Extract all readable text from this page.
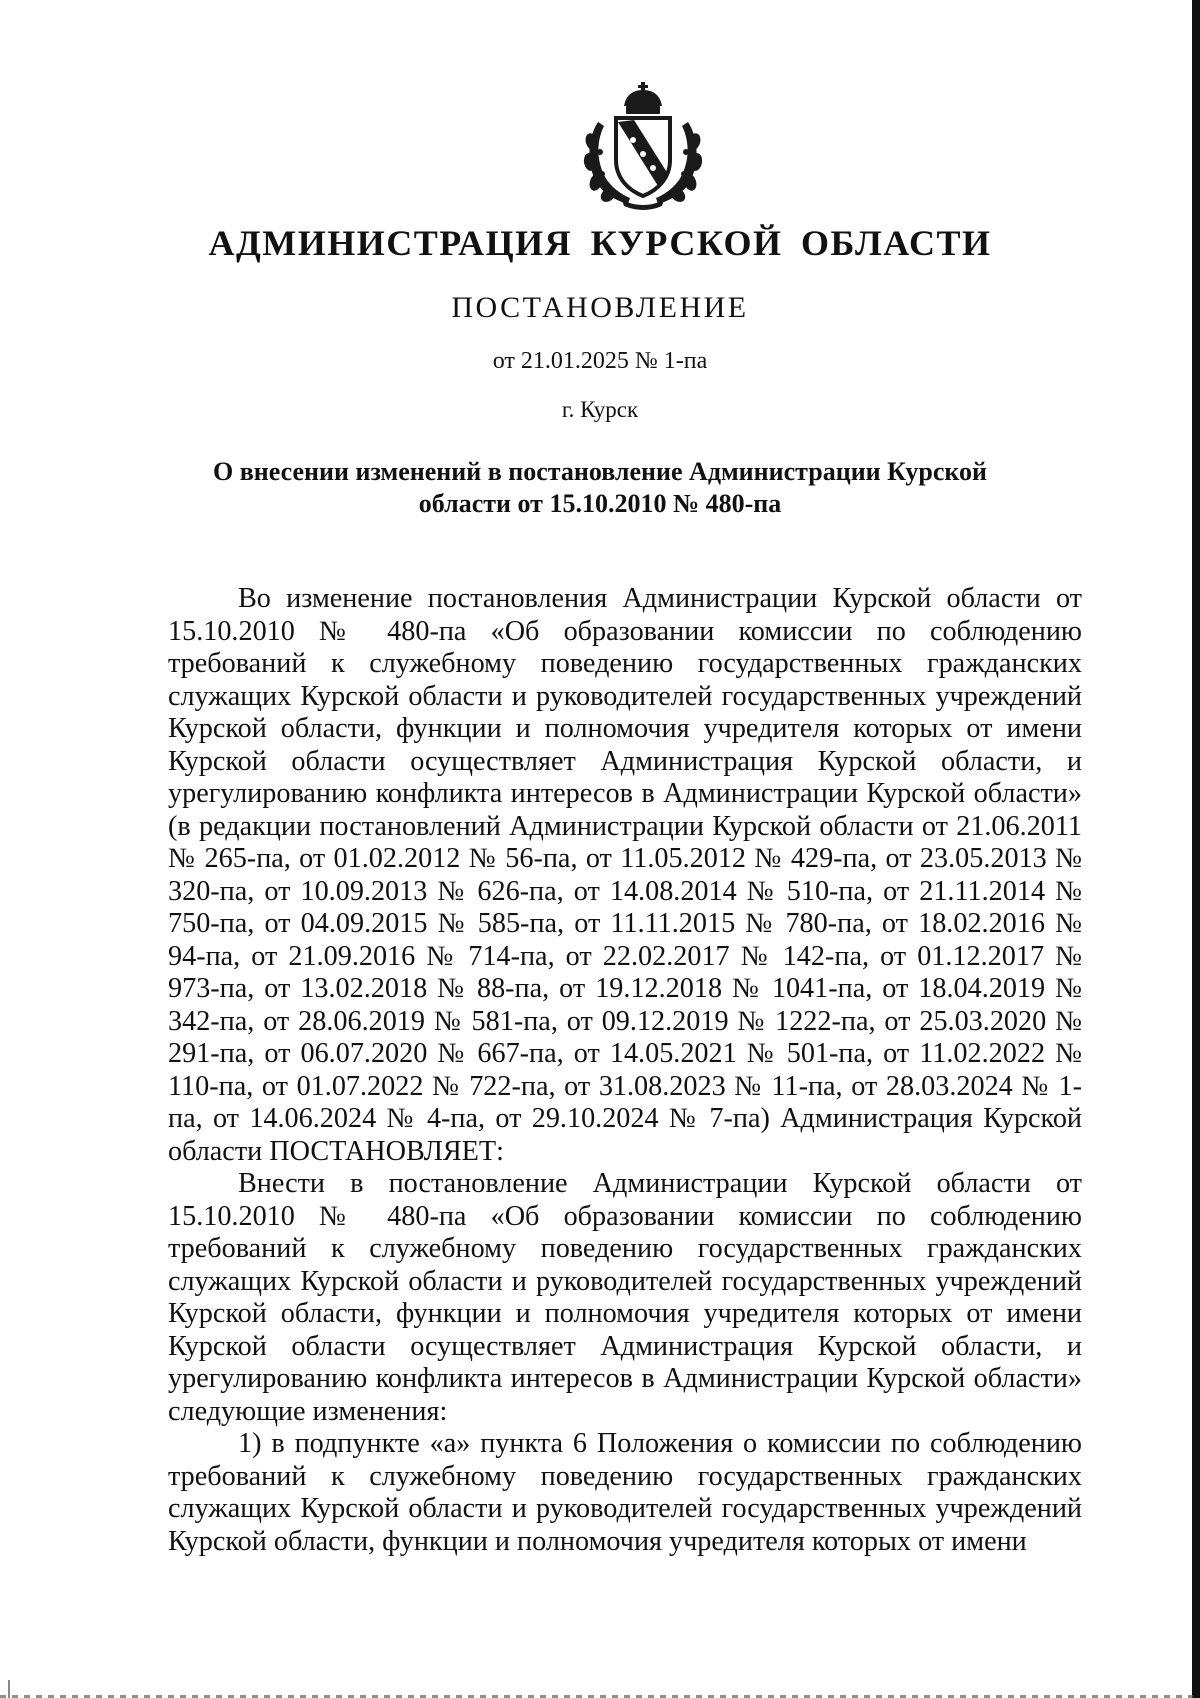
АДМИНИСТРАЦИЯ КУРСКОЙ ОБЛАСТИ
ПОСТАНОВЛЕНИЕ
от 21.01.2025 № 1-па
г. Курск
О внесении изменений в постановление Администрации Курской
области от 15.10.2010 № 480-па

Во изменение постановления Администрации Курской области от 15.10.2010 № 480-па «Об образовании комиссии по соблюдению требований к служебному поведению государственных гражданских служащих Курской области и руководителей государственных учреждений Курской области, функции и полномочия учредителя которых от имени Курской области осуществляет Администрация Курской области, и урегулированию конфликта интересов в Администрации Курской области» (в редакции постановлений Администрации Курской области от 21.06.2011 № 265-па, от 01.02.2012 № 56-па, от 11.05.2012 № 429-па, от 23.05.2013 № 320-па, от 10.09.2013 № 626-па, от 14.08.2014 № 510-па, от 21.11.2014 № 750-па, от 04.09.2015 № 585-па, от 11.11.2015 № 780-па, от 18.02.2016 № 94-па, от 21.09.2016 № 714-па, от 22.02.2017 № 142-па, от 01.12.2017 № 973-па, от 13.02.2018 № 88-па, от 19.12.2018 № 1041-па, от 18.04.2019 № 342-па, от 28.06.2019 № 581-па, от 09.12.2019 № 1222-па, от 25.03.2020 № 291-па, от 06.07.2020 № 667-па, от 14.05.2021 № 501-па, от 11.02.2022 № 110-па, от 01.07.2022 № 722-па, от 31.08.2023 № 11-па, от 28.03.2024 № 1-па, от 14.06.2024 № 4-па, от 29.10.2024 № 7-па) Администрация Курской области ПОСТАНОВЛЯЕТ:

Внести в постановление Администрации Курской области от 15.10.2010 № 480-па «Об образовании комиссии по соблюдению требований к служебному поведению государственных гражданских служащих Курской области и руководителей государственных учреждений Курской области, функции и полномочия учредителя которых от имени Курской области осуществляет Администрация Курской области, и урегулированию конфликта интересов в Администрации Курской области» следующие изменения:

1) в подпункте «а» пункта 6 Положения о комиссии по соблюдению требований к служебному поведению государственных гражданских служащих Курской области и руководителей государственных учреждений Курской области, функции и полномочия учредителя которых от имени
